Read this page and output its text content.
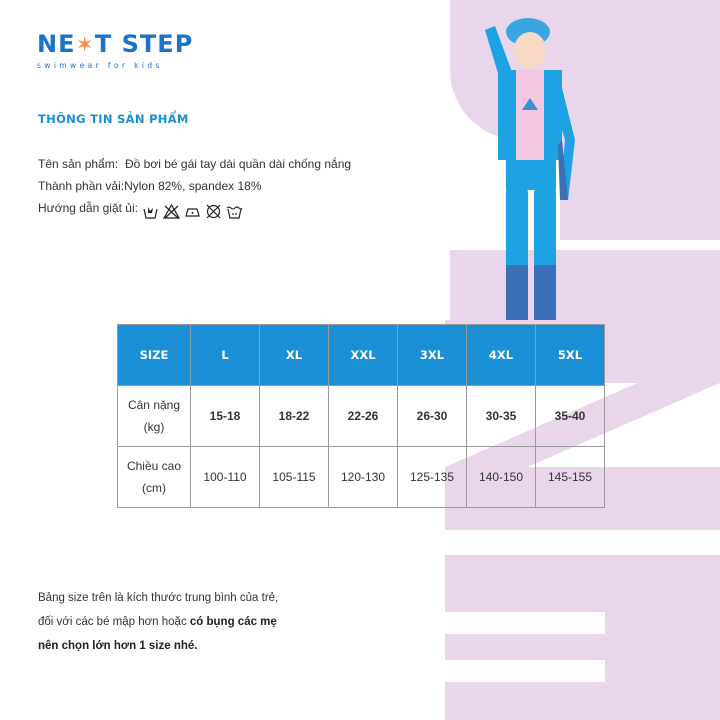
NE✶T STEP
swimwear for kids
THÔNG TIN SẢN PHẨM
Tên sản phẩm: Đồ bơi bé gái tay dài quần dài chống nắng
Thành phần vải: Nylon 82%, spandex 18%
Hướng dẫn giặt ủi:
SIZE	L	XL	XXL	3XL	4XL	5XL
Cân nặng
(kg)	15-18	18-22	22-26	26-30	30-35	35-40
Chiều cao
(cm)	100-110	105-115	120-130	125-135	140-150	145-155
Bảng size trên là kích thước trung bình của trẻ,
đối với các bé mập hơn hoặc có bụng các mẹ
nên chọn lớn hơn 1 size nhé.
